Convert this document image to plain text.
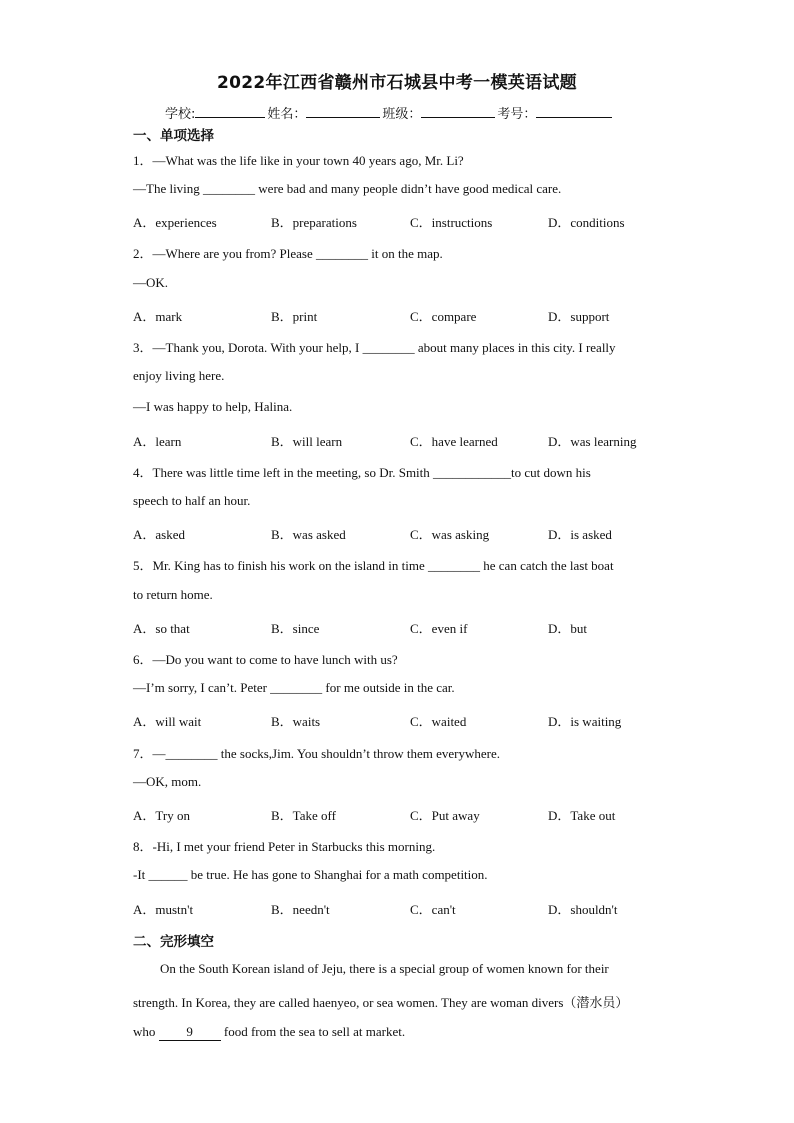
2022年江西省赣州市石城县中考一模英语试题
学校:	姓名：	班级：	考号：
一、单项选择
1．—What was the life like in your town 40 years ago, Mr. Li?
—The living ________ were bad and many people didn’t have good medical care.
A．experiences	B．preparations	C．instructions	D．conditions
2．—Where are you from? Please ________ it on the map.
—OK.
A．mark	B．print	C．compare	D．support
3．—Thank you, Dorota. With your help, I ________ about many places in this city. I really
enjoy living here.
—I was happy to help, Halina.
A．learn	B．will learn	C．have learned	D．was learning
4．There was little time left in the meeting, so Dr. Smith ____________to cut down his
speech to half an hour.
A．asked	B．was asked	C．was asking	D．is asked
5．Mr. King has to finish his work on the island in time ________ he can catch the last boat
to return home.
A．so that	B．since	C．even if	D．but
6．—Do you want to come to have lunch with us?
—I’m sorry, I can’t. Peter ________ for me outside in the car.
A．will wait	B．waits	C．waited	D．is waiting
7．—________ the socks,Jim. You shouldn’t throw them everywhere.
—OK, mom.
A．Try on	B．Take off	C．Put away	D．Take out
8．-Hi, I met your friend Peter in Starbucks this morning.
-It ______ be true. He has gone to Shanghai for a math competition.
A．mustn't	B．needn't	C．can't	D．shouldn't
二、完形填空
On the South Korean island of Jeju, there is a special group of women known for their
strength. In Korea, they are called haenyeo, or sea women. They are woman divers（潜水员）
who 9 food from the sea to sell at market.
